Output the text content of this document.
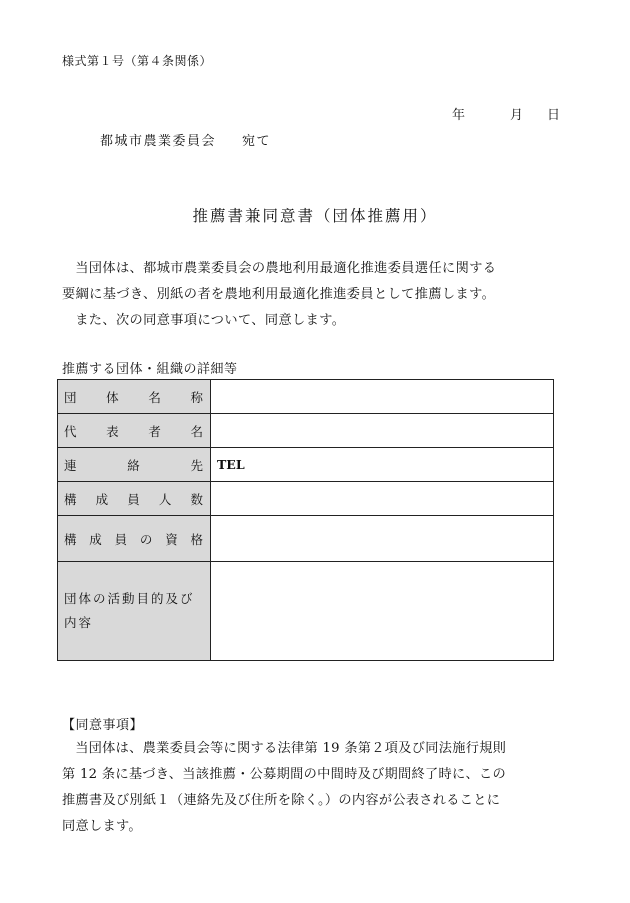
様式第１号（第４条関係）
年	月 日
都城市農業委員会 宛て
推薦書兼同意書（団体推薦用）

当団体は、都城市農業委員会の農地利用最適化推進委員選任に関する

要綱に基づき、別紙の者を農地利用最適化推進委員として推薦します。

また、次の同意事項について、同意します。

推薦する団体・組織の詳細等
団体名称	
代表者名	
連絡先	TEL
構成員人数	
構成員の資格	
団体の活動目的及び内容	
【同意事項】

当団体は、農業委員会等に関する法律第 19 条第２項及び同法施行規則

第 12 条に基づき、当該推薦・公募期間の中間時及び期間終了時に、この

推薦書及び別紙１（連絡先及び住所を除く。）の内容が公表されることに

同意します。
